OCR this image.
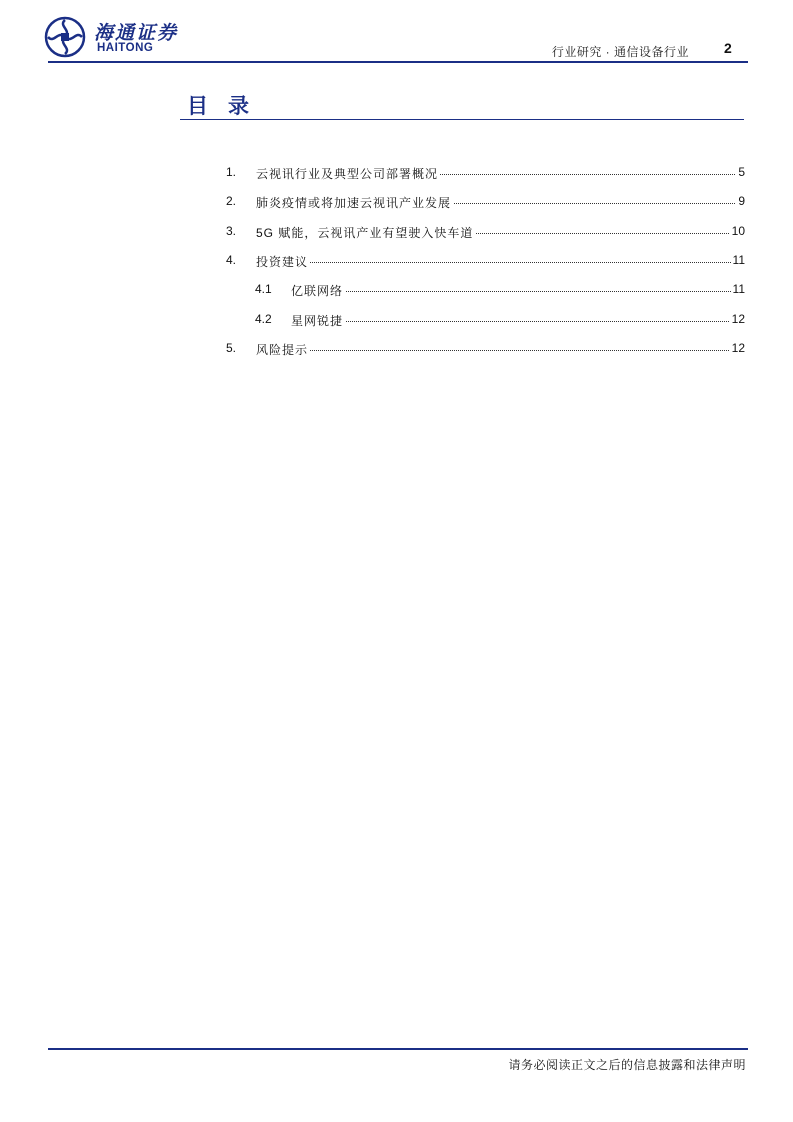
海通证券
HAITONG	行业研究 · 通信设备行业	2
目录
1.	云视讯行业及典型公司部署概况	5
2.	肺炎疫情或将加速云视讯产业发展	9
3.	5G 赋能，云视讯产业有望驶入快车道	10
4.	投资建议	11
4.1	亿联网络	11
4.2	星网锐捷	12
5.	风险提示	12
请务必阅读正文之后的信息披露和法律声明
